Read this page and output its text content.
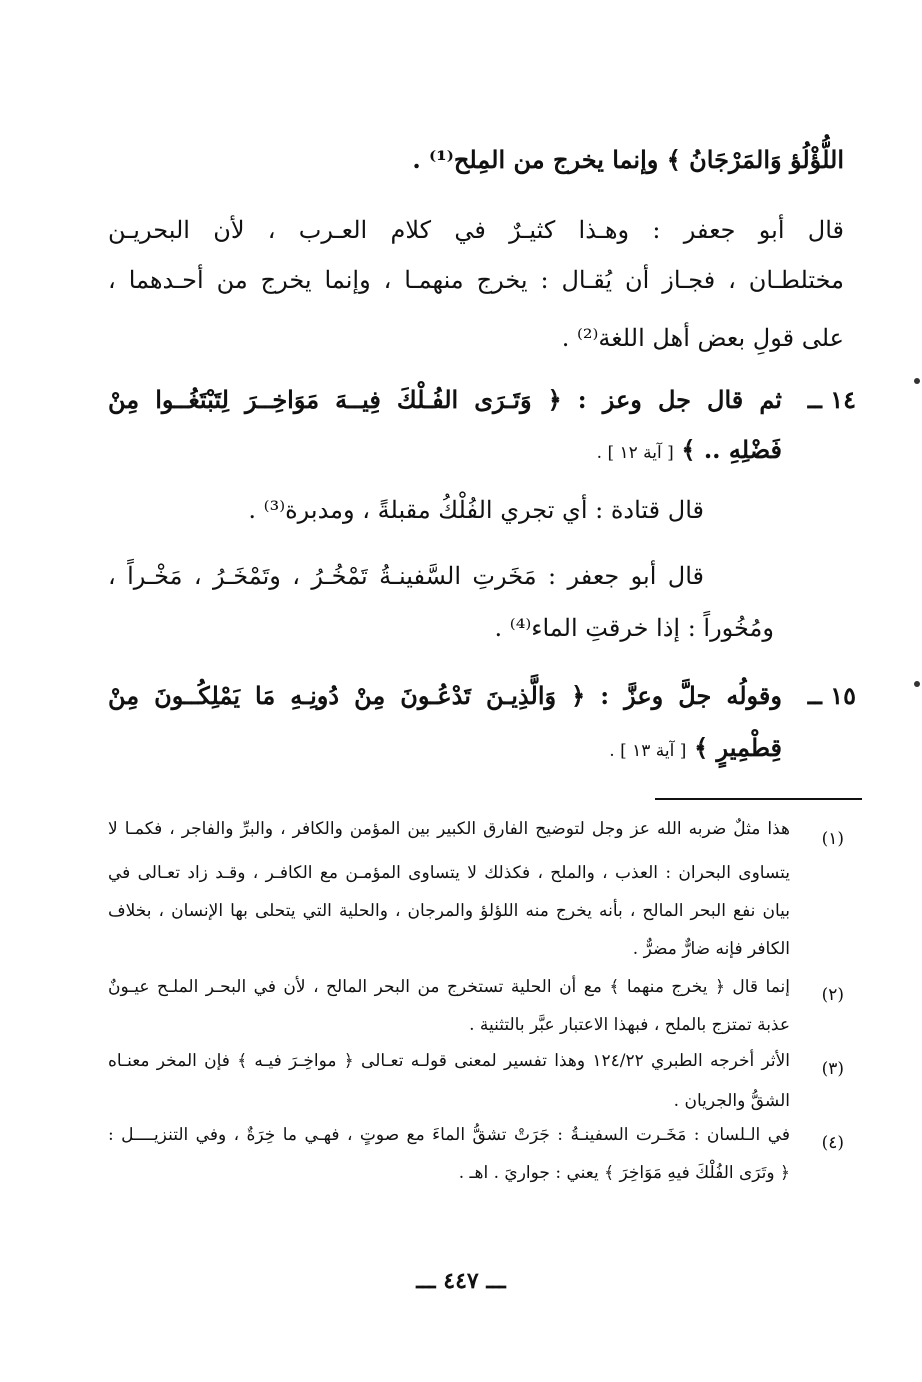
اللُّؤْلُؤ وَالمَرْجَانُ ﴾ وإنما يخرج من المِلح⁽¹⁾ .

قال أبو جعفر : وهـذا كثيـرٌ في كلام العـرب ، لأن البحريـن

مختلطـان ، فجـاز أن يُقـال : يخرج منهمـا ، وإنما يخرج من أحـدهما ،

على قولِ بعض أهل اللغة⁽²⁾ .

١٤ ــ

ثم قال جل وعز : ﴿ وَتَـرَى الفُـلْكَ فِيــهَ مَوَاخِــرَ لِتَبْتَغُــوا مِنْ

فَضْلِهِ .. ﴾ [ آية ١٢ ] .

قال قتادة : أي تجري الفُلْكُ مقبلةً ، ومدبرة⁽³⁾ .

قال أبو جعفر : مَخَرتِ السَّفينـةُ تَمْخُـرُ ، وتَمْخَـرُ ، مَخْـراً ،

ومُخُوراً : إذا خرقتِ الماء⁽⁴⁾ .

١٥ ــ

وقولُه جلَّ وعزَّ : ﴿ وَالَّذِيـنَ تَدْعُـونَ مِنْ دُونِـهِ مَا يَمْلِكُــونَ مِنْ

قِطْمِيرٍ ﴾ [ آية ١٣ ] .

(١)

هذا مثلٌ ضربه الله عز وجل لتوضيح الفارق الكبير بين المؤمن والكافر ، والبرِّ والفاجر ، فكمـا لا

يتساوى البحران : العذب ، والملح ، فكذلك لا يتساوى المؤمـن مع الكافـر ، وقـد زاد تعـالى في

بيان نفع البحر المالح ، بأنه يخرج منه اللؤلؤ والمرجان ، والحلية التي يتحلى بها الإنسان ، بخلاف

الكافر فإنه ضارٌّ مضرٌّ .

(٢)

إنما قال ﴿ يخرج منهما ﴾ مع أن الحلية تستخرج من البحر المالح ، لأن في البحـر الملـح عيـونٌ

عذبة تمتزج بالملح ، فبهذا الاعتبار عبَّر بالتثنية .

(٣)

الأثر أخرجه الطبري ١٢٤/٢٢ وهذا تفسير لمعنى قولـه تعـالى ﴿ مواخِـرَ فيـه ﴾ فإن المخر معنـاه

الشقُّ والجريان .

(٤)

في الـلسان : مَخَـرت السفينـةُ : جَرَتْ تشقُّ الماءَ مع صوتٍ ، فهـي ما خِرَةٌ ، وفي التنزيــــل :

﴿ وتَرَى الفُلْكَ فيهِ مَوَاخِرَ ﴾ يعني : جواريَ . اهـ .

ـــ ٤٤٧ ـــ
